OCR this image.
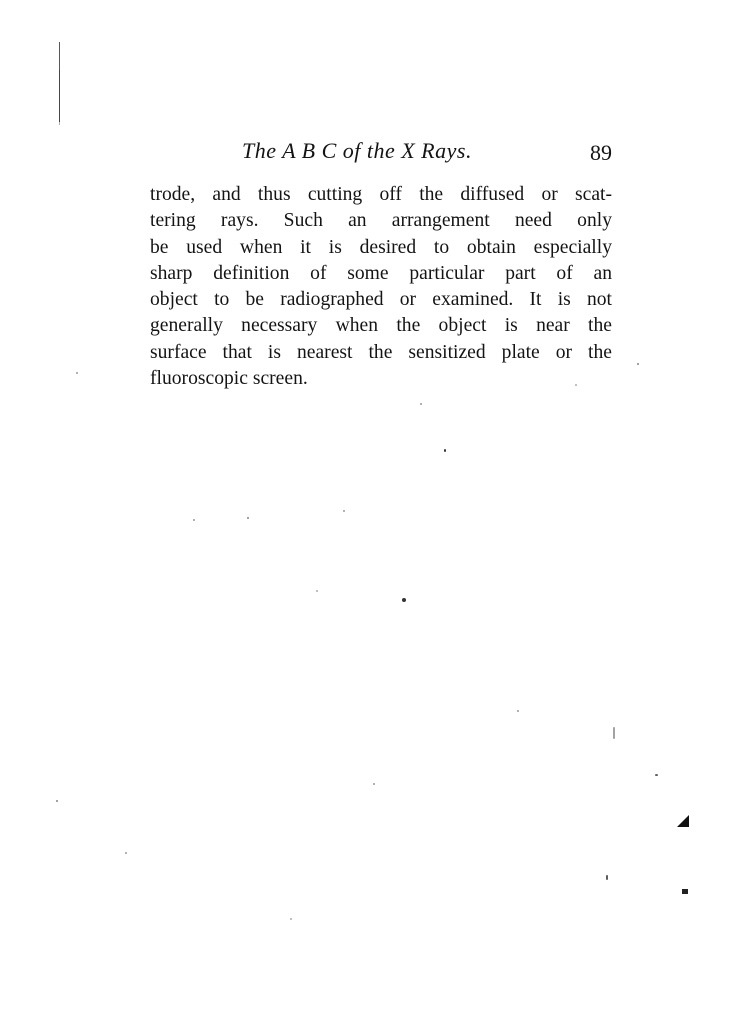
The A B C of the X Rays.	89
trode, and thus cutting off the diffused or scat-
tering rays. Such an arrangement need only
be used when it is desired to obtain especially
sharp definition of some particular part of an
object to be radiographed or examined. It is not
generally necessary when the object is near the
surface that is nearest the sensitized plate or the
fluoroscopic screen.
